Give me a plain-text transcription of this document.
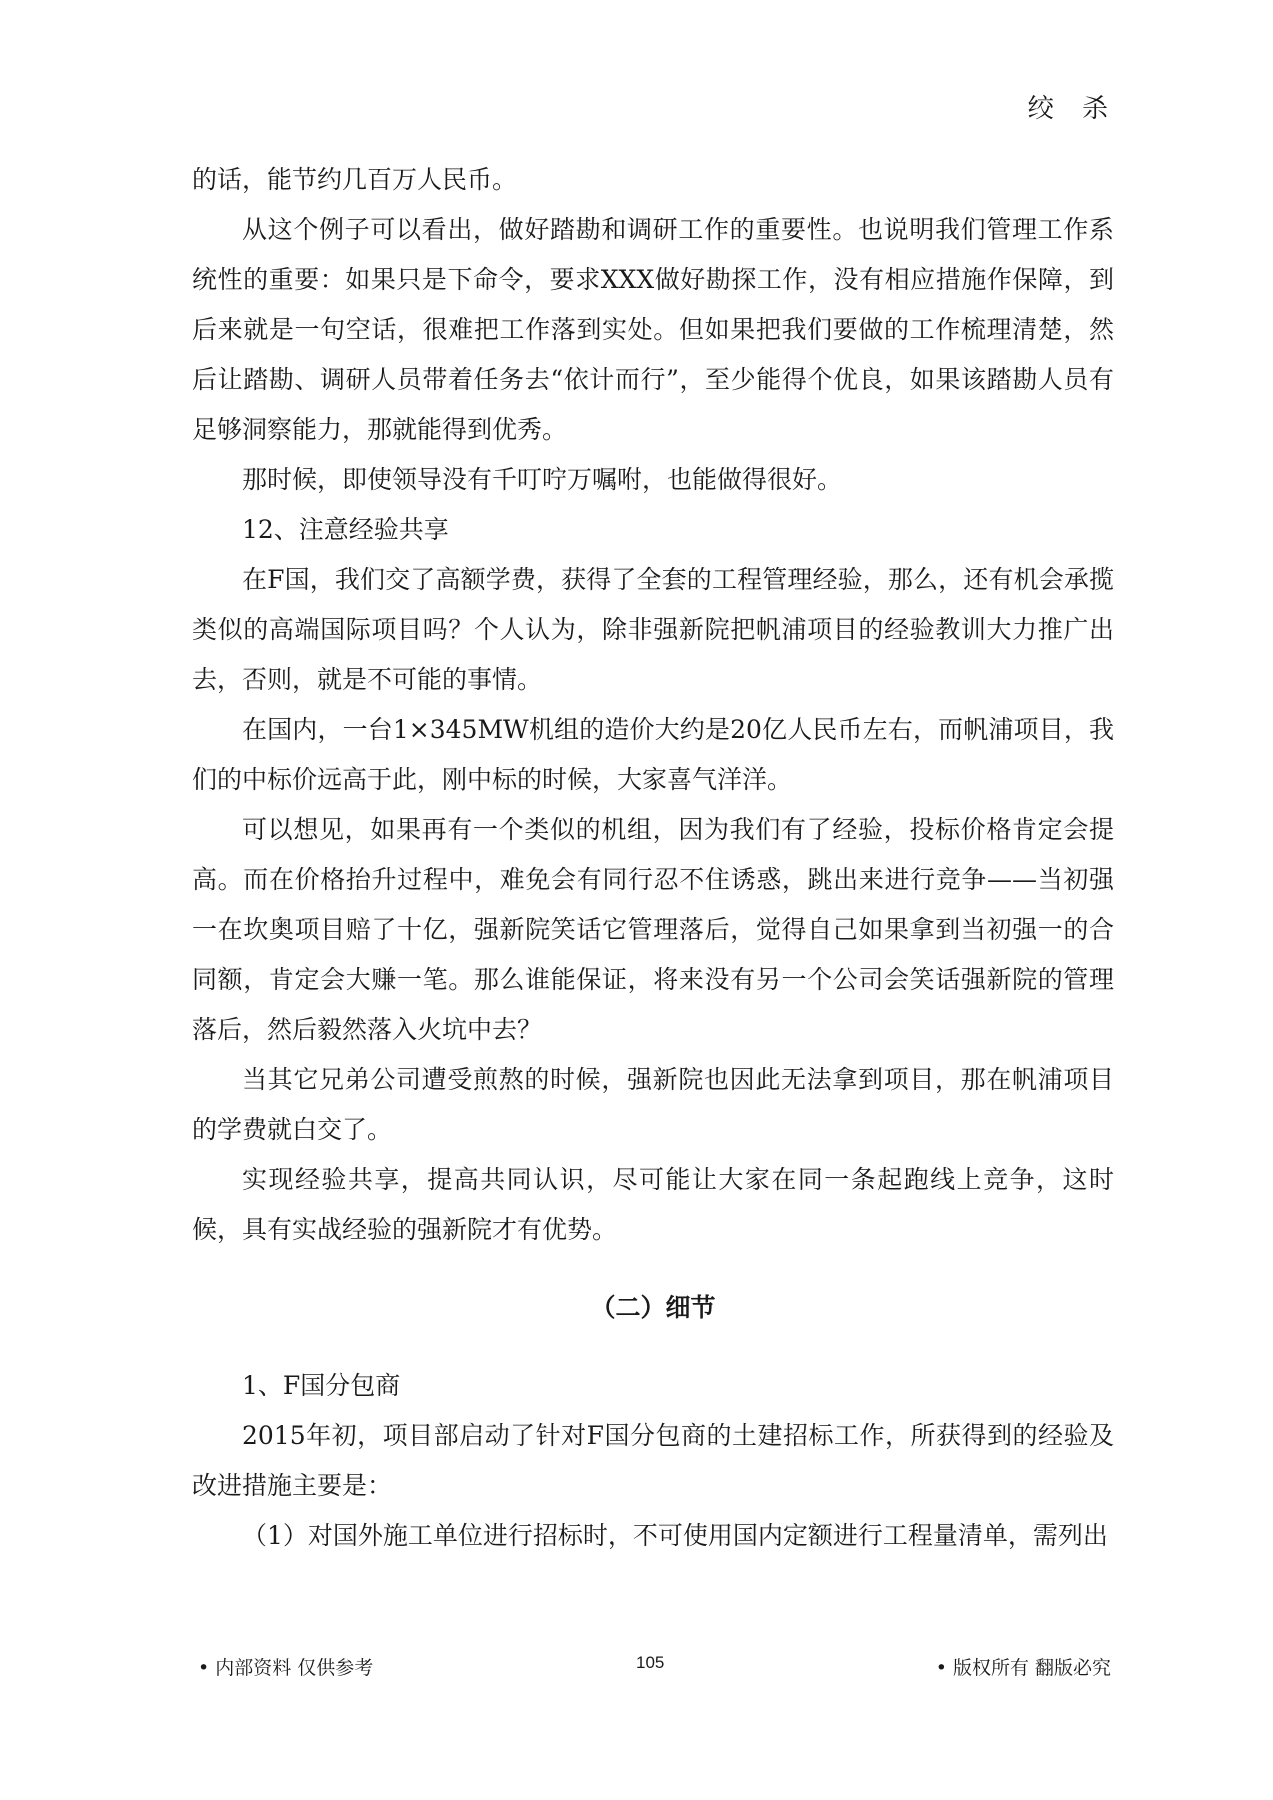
绞 杀

的话，能节约几百万人民币。

从这个例子可以看出，做好踏勘和调研工作的重要性。也说明我们管理工作系统性的重要：如果只是下命令，要求XXX做好勘探工作，没有相应措施作保障，到后来就是一句空话，很难把工作落到实处。但如果把我们要做的工作梳理清楚，然后让踏勘、调研人员带着任务去“依计而行”，至少能得个优良，如果该踏勘人员有足够洞察能力，那就能得到优秀。

那时候，即使领导没有千叮咛万嘱咐，也能做得很好。

12、注意经验共享

在F国，我们交了高额学费，获得了全套的工程管理经验，那么，还有机会承揽类似的高端国际项目吗？个人认为，除非强新院把帆浦项目的经验教训大力推广出去，否则，就是不可能的事情。

在国内，一台1×345MW机组的造价大约是20亿人民币左右，而帆浦项目，我们的中标价远高于此，刚中标的时候，大家喜气洋洋。

可以想见，如果再有一个类似的机组，因为我们有了经验，投标价格肯定会提高。而在价格抬升过程中，难免会有同行忍不住诱惑，跳出来进行竞争——当初强一在坎奥项目赔了十亿，强新院笑话它管理落后，觉得自己如果拿到当初强一的合同额，肯定会大赚一笔。那么谁能保证，将来没有另一个公司会笑话强新院的管理落后，然后毅然落入火坑中去？

当其它兄弟公司遭受煎熬的时候，强新院也因此无法拿到项目，那在帆浦项目的学费就白交了。

实现经验共享，提高共同认识，尽可能让大家在同一条起跑线上竞争，这时候，具有实战经验的强新院才有优势。

（二）细节

1、F国分包商

2015年初，项目部启动了针对F国分包商的土建招标工作，所获得到的经验及改进措施主要是：

（1）对国外施工单位进行招标时，不可使用国内定额进行工程量清单，需列出

• 内部资料 仅供参考	105	• 版权所有 翻版必究
